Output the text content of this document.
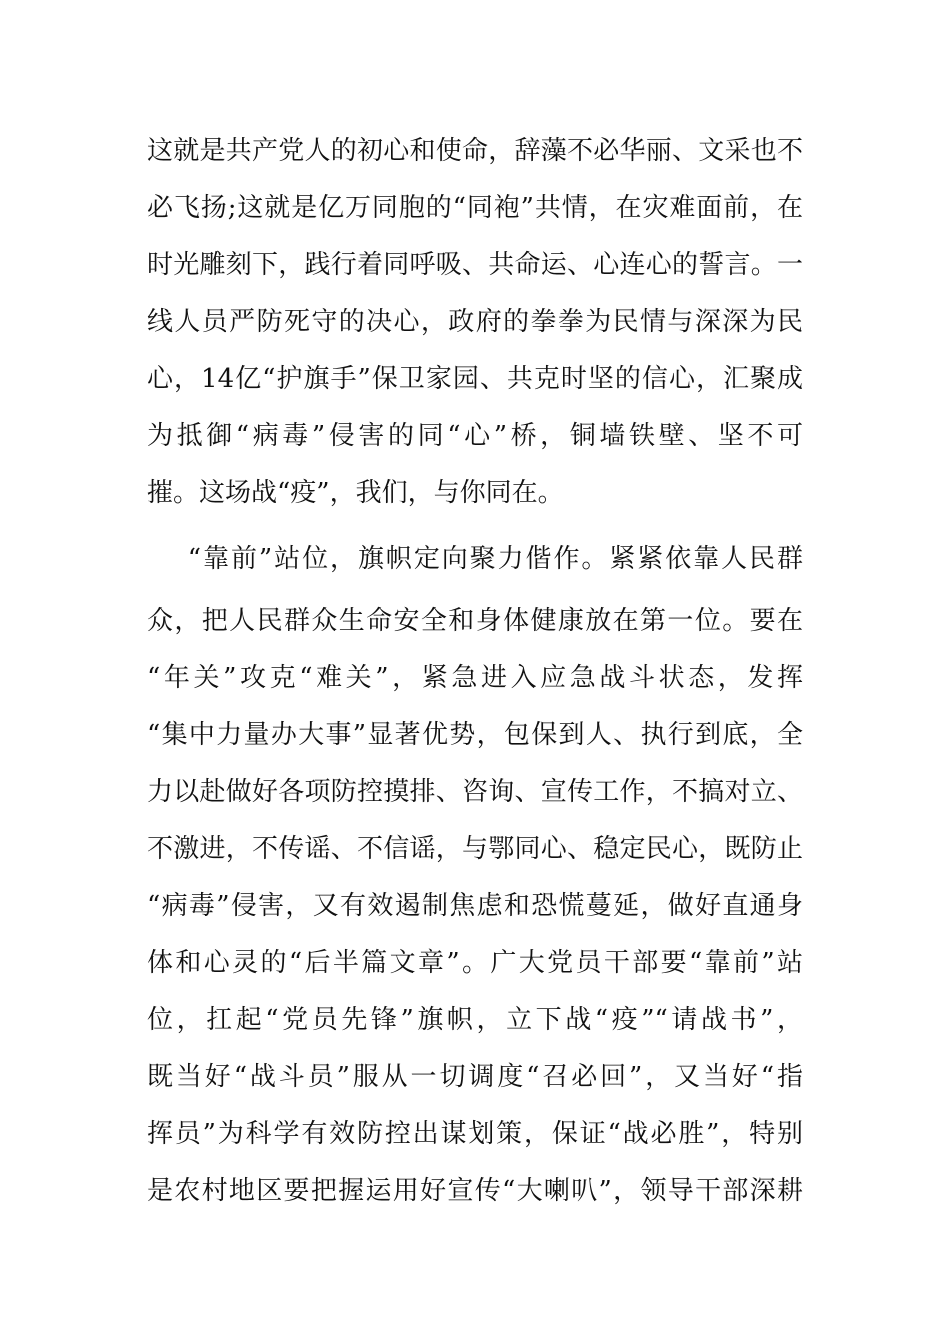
这就是共产党人的初心和使命，辞藻不必华丽、文采也不
必飞扬;这就是亿万同胞的“同袍”共情，在灾难面前，在
时光雕刻下，践行着同呼吸、共命运、心连心的誓言。一
线人员严防死守的决心，政府的拳拳为民情与深深为民
心，14亿“护旗手”保卫家园、共克时坚的信心，汇聚成
为抵御“病毒”侵害的同“心”桥，铜墙铁壁、坚不可
摧。这场战“疫”，我们，与你同在。
“靠前”站位，旗帜定向聚力偕作。紧紧依靠人民群
众，把人民群众生命安全和身体健康放在第一位。要在
“年关”攻克“难关”，紧急进入应急战斗状态，发挥
“集中力量办大事”显著优势，包保到人、执行到底，全
力以赴做好各项防控摸排、咨询、宣传工作，不搞对立、
不激进，不传谣、不信谣，与鄂同心、稳定民心，既防止
“病毒”侵害，又有效遏制焦虑和恐慌蔓延，做好直通身
体和心灵的“后半篇文章”。广大党员干部要“靠前”站
位，扛起“党员先锋”旗帜，立下战“疫”“请战书”，
既当好“战斗员”服从一切调度“召必回”，又当好“指
挥员”为科学有效防控出谋划策，保证“战必胜”，特别
是农村地区要把握运用好宣传“大喇叭”，领导干部深耕
